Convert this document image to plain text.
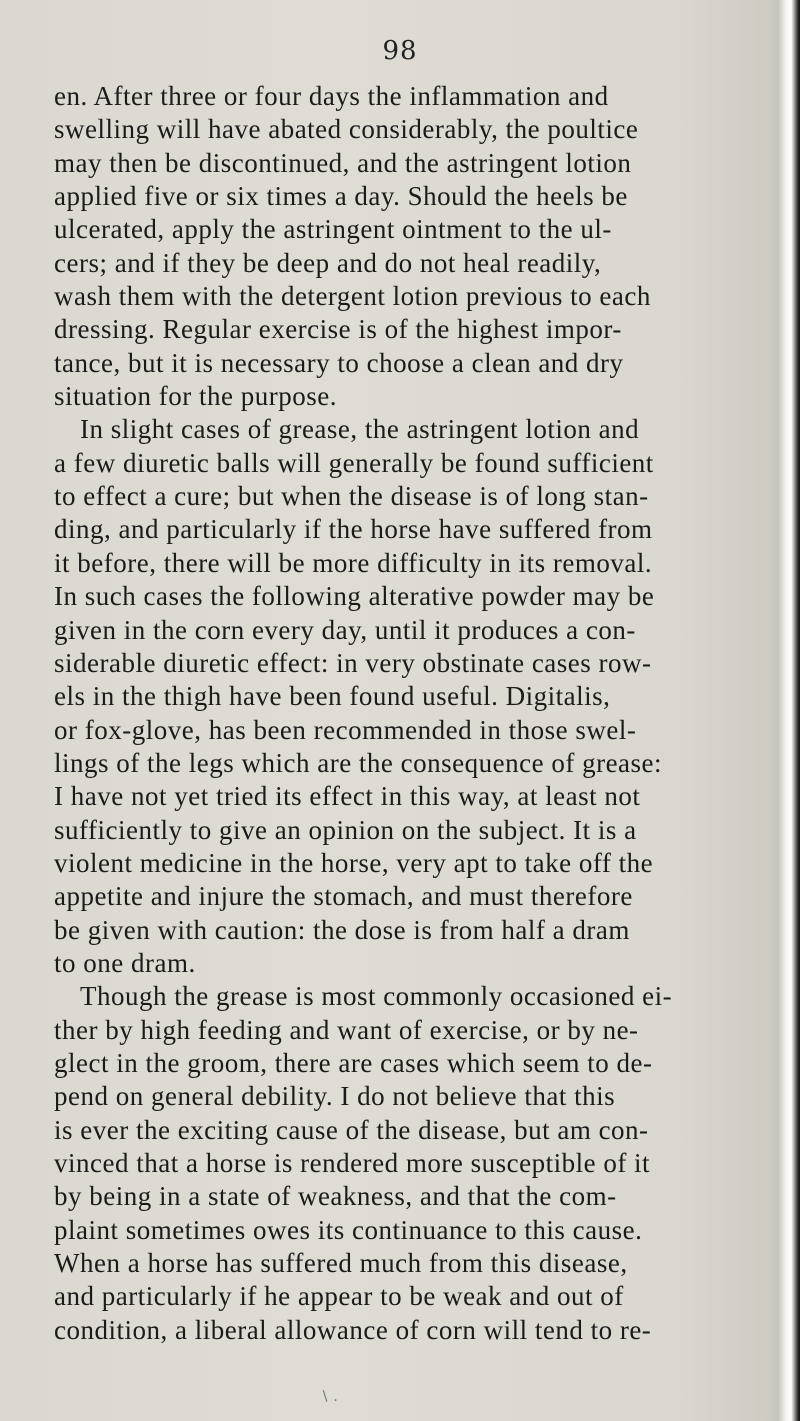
98
en. After three or four days the inflammation and
swelling will have abated considerably, the poultice
may then be discontinued, and the astringent lotion
applied five or six times a day. Should the heels be
ulcerated, apply the astringent ointment to the ul-
cers; and if they be deep and do not heal readily,
wash them with the detergent lotion previous to each
dressing. Regular exercise is of the highest impor-
tance, but it is necessary to choose a clean and dry
situation for the purpose.
In slight cases of grease, the astringent lotion and
a few diuretic balls will generally be found sufficient
to effect a cure; but when the disease is of long stan-
ding, and particularly if the horse have suffered from
it before, there will be more difficulty in its removal.
In such cases the following alterative powder may be
given in the corn every day, until it produces a con-
siderable diuretic effect: in very obstinate cases row-
els in the thigh have been found useful. Digitalis,
or fox-glove, has been recommended in those swel-
lings of the legs which are the consequence of grease:
I have not yet tried its effect in this way, at least not
sufficiently to give an opinion on the subject. It is a
violent medicine in the horse, very apt to take off the
appetite and injure the stomach, and must therefore
be given with caution: the dose is from half a dram
to one dram.
Though the grease is most commonly occasioned ei-
ther by high feeding and want of exercise, or by ne-
glect in the groom, there are cases which seem to de-
pend on general debility. I do not believe that this
is ever the exciting cause of the disease, but am con-
vinced that a horse is rendered more susceptible of it
by being in a state of weakness, and that the com-
plaint sometimes owes its continuance to this cause.
When a horse has suffered much from this disease,
and particularly if he appear to be weak and out of
condition, a liberal allowance of corn will tend to re-
∖ .
